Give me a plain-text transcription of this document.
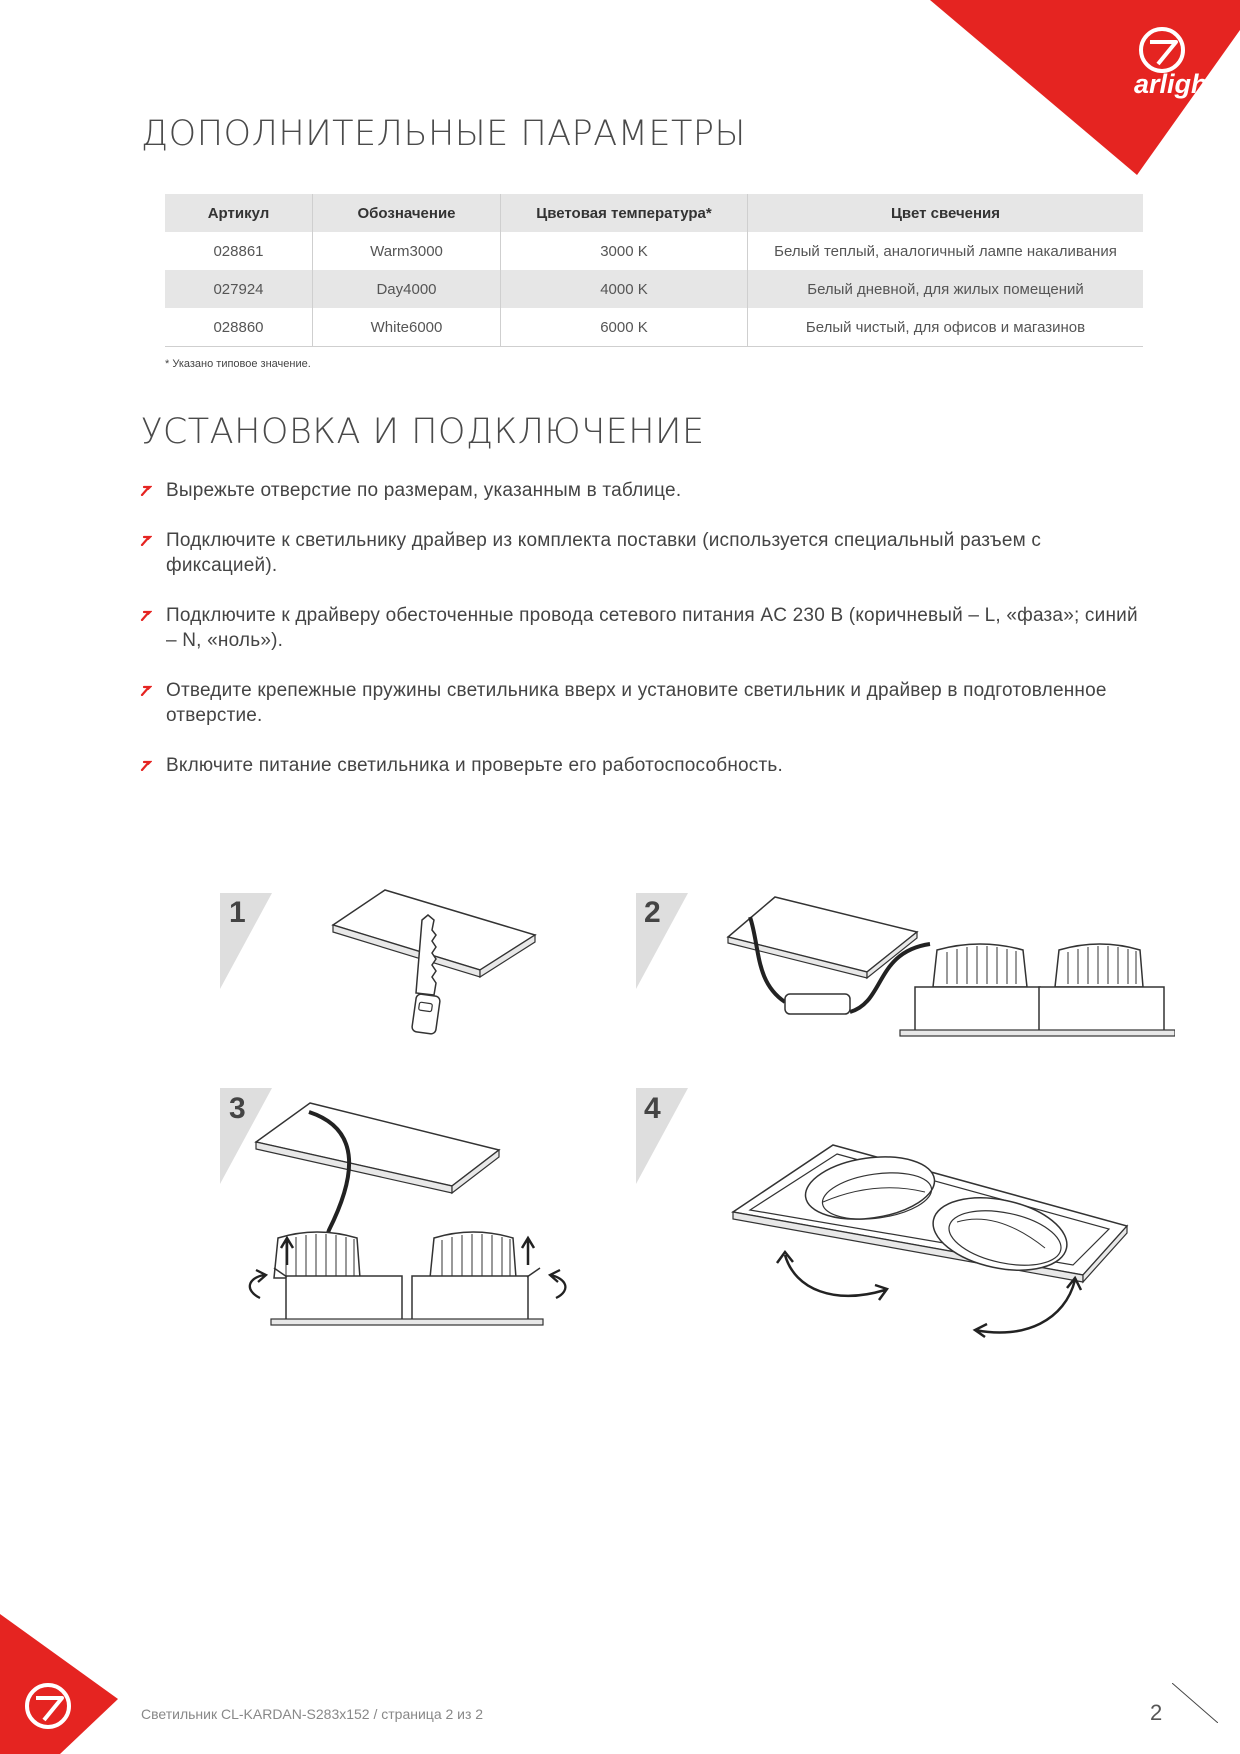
arlight
ДОПОЛНИТЕЛЬНЫЕ ПАРАМЕТРЫ
Артикул	Обозначение	Цветовая температура*	Цвет свечения
028861	Warm3000	3000 K	Белый теплый, аналогичный лампе накаливания
027924	Day4000	4000 K	Белый дневной, для жилых помещений
028860	White6000	6000 K	Белый чистый, для офисов и магазинов
* Указано типовое значение.
УСТАНОВКА И ПОДКЛЮЧЕНИЕ
Вырежьте отверстие по размерам, указанным в таблице.
Подключите к светильнику драйвер из комплекта поставки (используется специальный разъем с фиксацией).
Подключите к драйверу обесточенные провода сетевого питания AC 230 В (коричневый – L, «фаза»; синий – N, «ноль»).
Отведите крепежные пружины светильника вверх и установите светильник и драйвер в подготовленное отверстие.
Включите питание светильника и проверьте его работоспособность.
1	2
3	4
Светильник CL-KARDAN-S283x152 / страница 2 из 2	2
